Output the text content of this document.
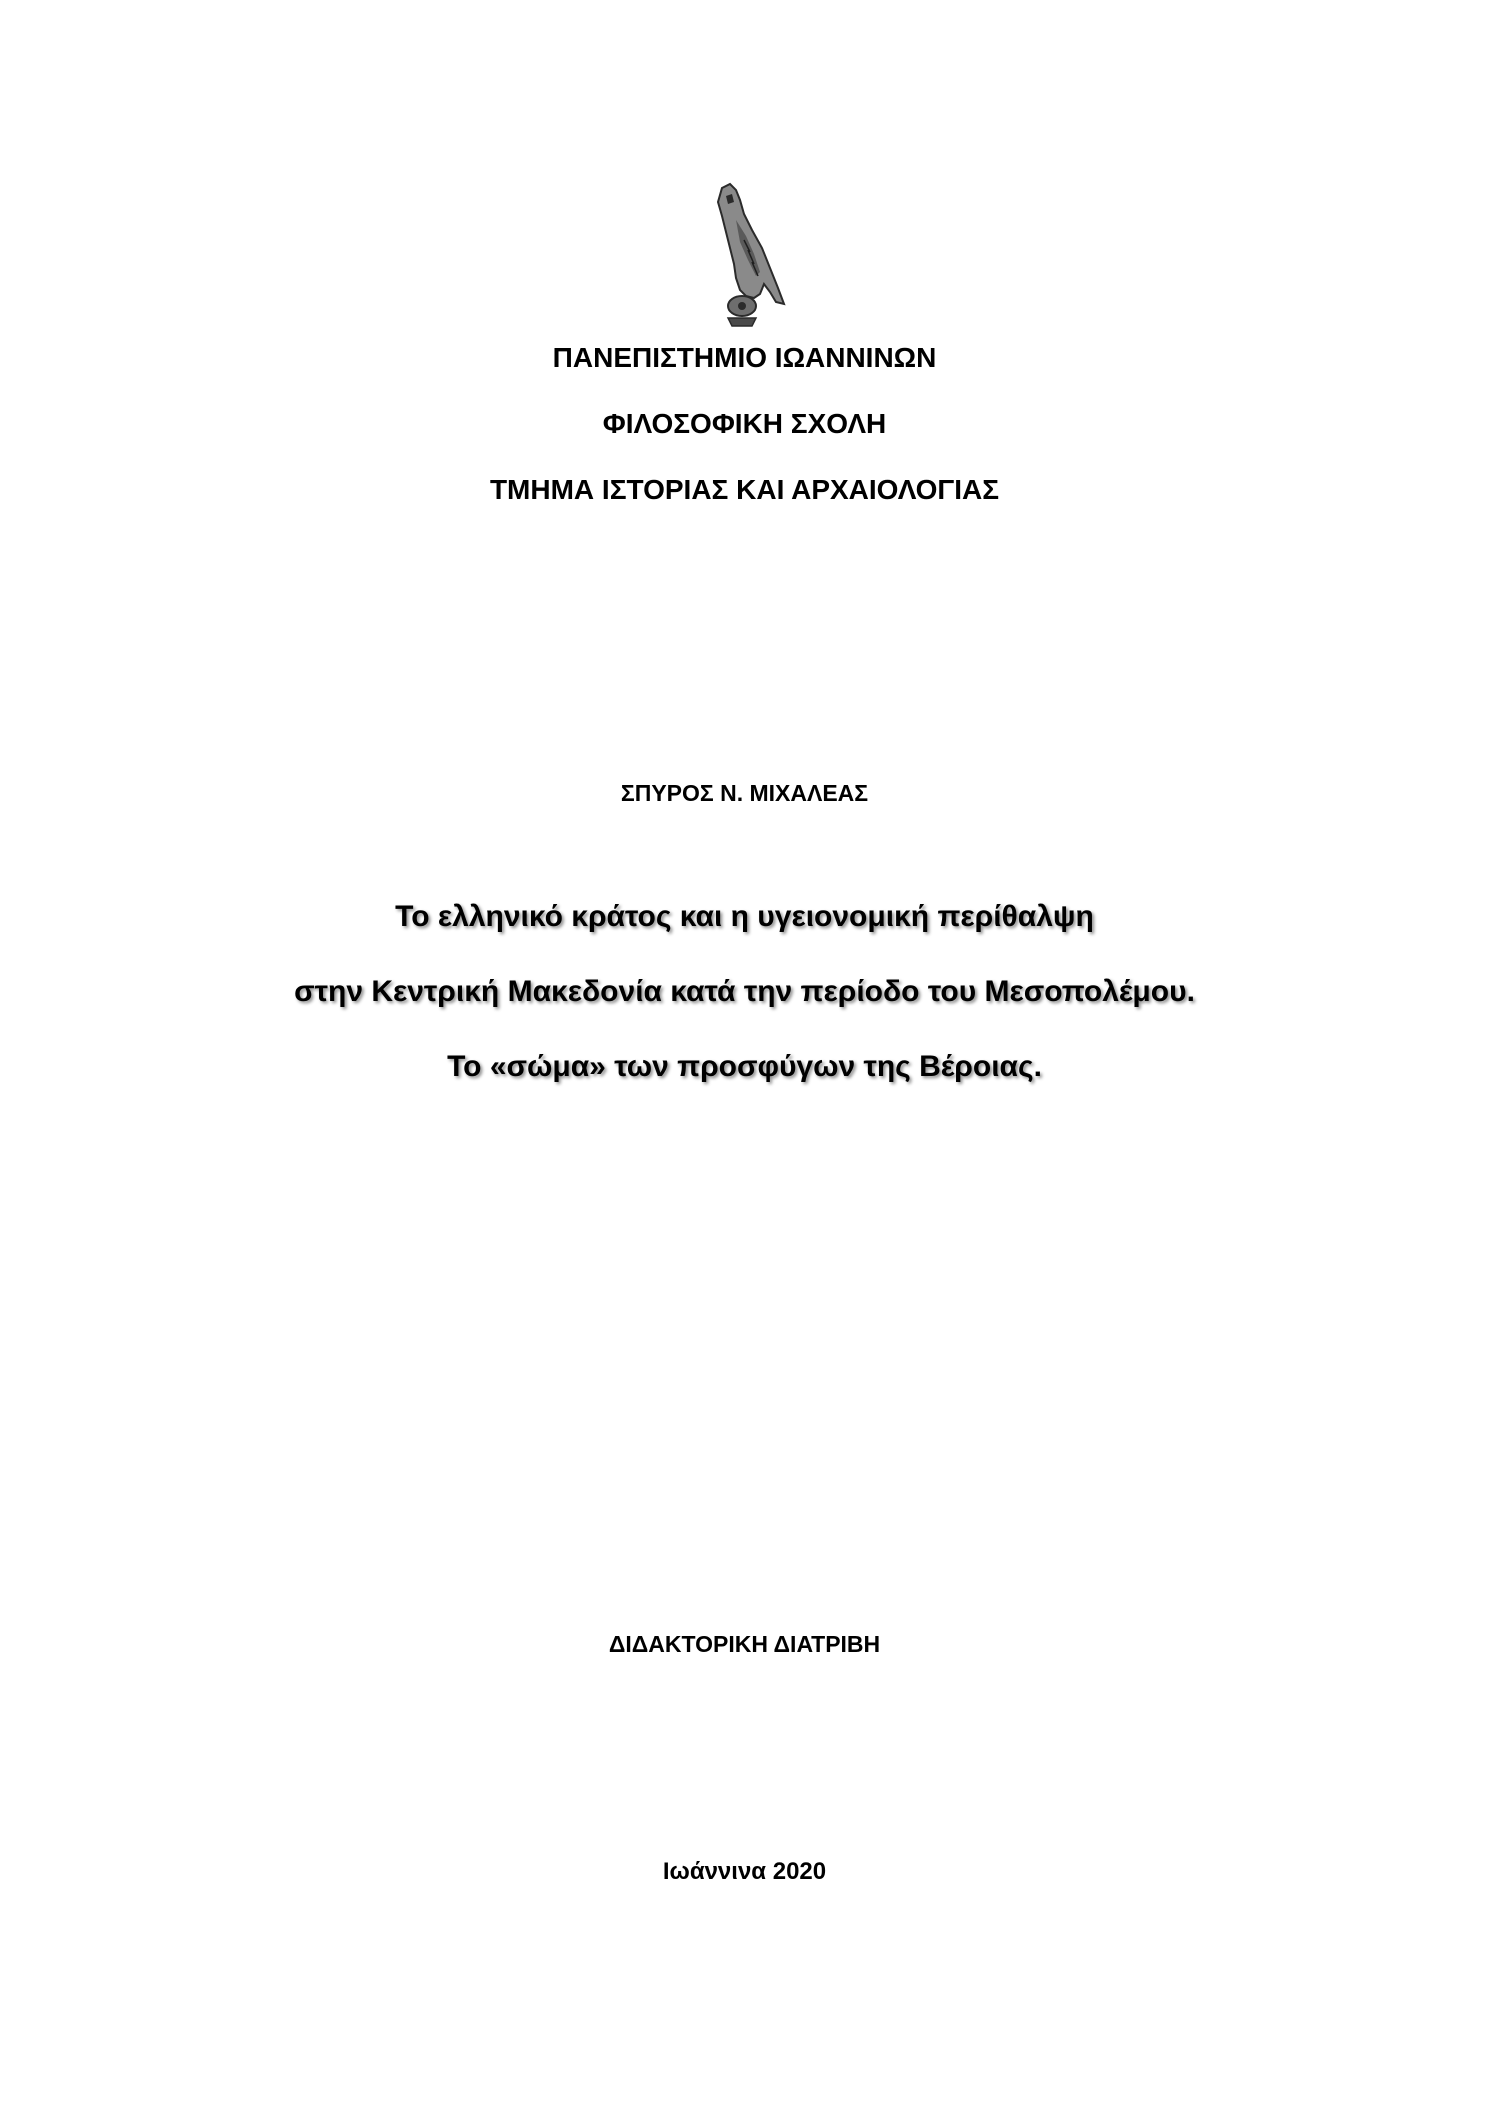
ΠΑΝΕΠΙΣΤΗΜΙΟ ΙΩΑΝΝΙΝΩΝ
ΦΙΛΟΣΟΦΙΚΗ ΣΧΟΛΗ
ΤΜΗΜΑ ΙΣΤΟΡΙΑΣ ΚΑΙ ΑΡΧΑΙΟΛΟΓΙΑΣ
ΣΠΥΡΟΣ Ν. ΜΙΧΑΛΕΑΣ
Το ελληνικό κράτος και η υγειονομική περίθαλψη
στην Κεντρική Μακεδονία κατά την περίοδο του Μεσοπολέμου.
Το «σώμα» των προσφύγων της Βέροιας.
ΔΙΔΑΚΤΟΡΙΚΗ ΔΙΑΤΡΙΒΗ
Ιωάννινα 2020
